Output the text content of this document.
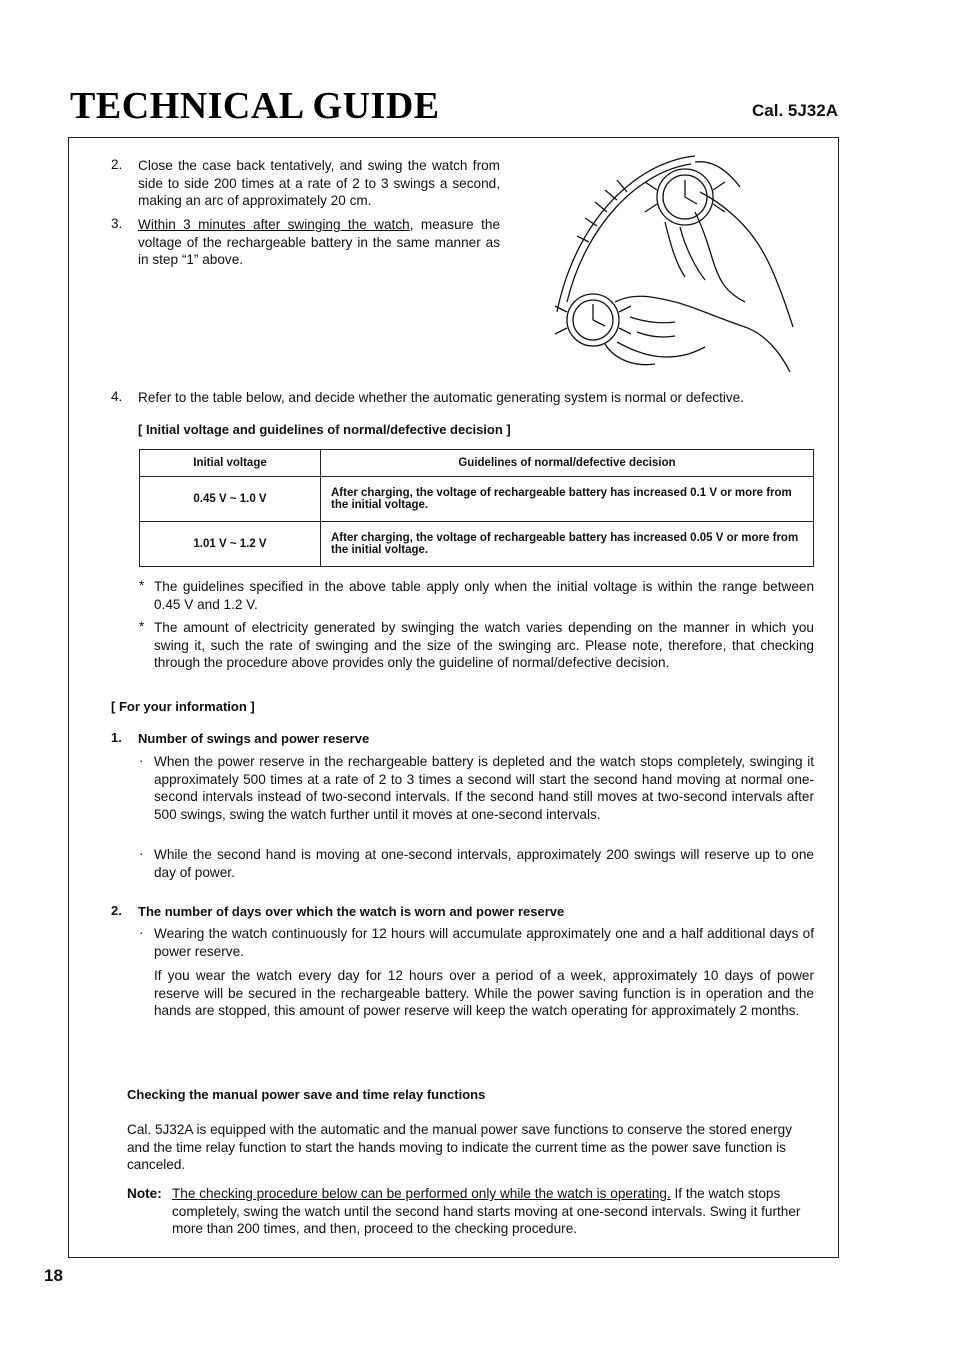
TECHNICAL GUIDE	Cal. 5J32A
2. Close the case back tentatively, and swing the watch from side to side 200 times at a rate of 2 to 3 swings a second, making an arc of approximately 20 cm.
3. Within 3 minutes after swinging the watch, measure the voltage of the rechargeable battery in the same manner as in step “1” above.
4. Refer to the table below, and decide whether the automatic generating system is normal or defective.
[ Initial voltage and guidelines of normal/defective decision ]
Initial voltage	Guidelines of normal/defective decision
0.45 V ~ 1.0 V	After charging, the voltage of rechargeable battery has increased 0.1 V or more from the initial voltage.
1.01 V ~ 1.2 V	After charging, the voltage of rechargeable battery has increased 0.05 V or more from the initial voltage.
* The guidelines specified in the above table apply only when the initial voltage is within the range between 0.45 V and 1.2 V.
* The amount of electricity generated by swinging the watch varies depending on the manner in which you swing it, such the rate of swinging and the size of the swinging arc. Please note, therefore, that checking through the procedure above provides only the guideline of normal/defective decision.
[ For your information ]
1. Number of swings and power reserve
· When the power reserve in the rechargeable battery is depleted and the watch stops completely, swinging it approximately 500 times at a rate of 2 to 3 times a second will start the second hand moving at normal one-second intervals instead of two-second intervals. If the second hand still moves at two-second intervals after 500 swings, swing the watch further until it moves at one-second intervals.
· While the second hand is moving at one-second intervals, approximately 200 swings will reserve up to one day of power.
2. The number of days over which the watch is worn and power reserve
· Wearing the watch continuously for 12 hours will accumulate approximately one and a half additional days of power reserve.
If you wear the watch every day for 12 hours over a period of a week, approximately 10 days of power reserve will be secured in the rechargeable battery. While the power saving function is in operation and the hands are stopped, this amount of power reserve will keep the watch operating for approximately 2 months.
Checking the manual power save and time relay functions
Cal. 5J32A is equipped with the automatic and the manual power save functions to conserve the stored energy and the time relay function to start the hands moving to indicate the current time as the power save function is canceled.
Note: The checking procedure below can be performed only while the watch is operating. If the watch stops completely, swing the watch until the second hand starts moving at one-second intervals. Swing it further more than 200 times, and then, proceed to the checking procedure.
18
